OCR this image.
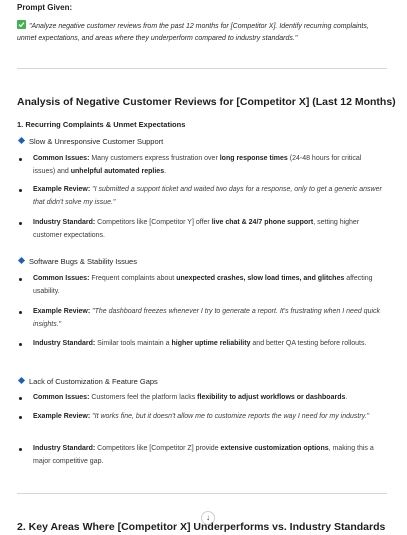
Prompt Given:
"Analyze negative customer reviews from the past 12 months for [Competitor X]. Identify recurring complaints, unmet expectations, and areas where they underperform compared to industry standards."
Analysis of Negative Customer Reviews for [Competitor X] (Last 12 Months)
1. Recurring Complaints & Unmet Expectations
Slow & Unresponsive Customer Support
Common Issues: Many customers express frustration over long response times (24-48 hours for critical issues) and unhelpful automated replies.
Example Review: "I submitted a support ticket and waited two days for a response, only to get a generic answer that didn't solve my issue."
Industry Standard: Competitors like [Competitor Y] offer live chat & 24/7 phone support, setting higher customer expectations.
Software Bugs & Stability Issues
Common Issues: Frequent complaints about unexpected crashes, slow load times, and glitches affecting usability.
Example Review: "The dashboard freezes whenever I try to generate a report. It's frustrating when I need quick insights."
Industry Standard: Similar tools maintain a higher uptime reliability and better QA testing before rollouts.
Lack of Customization & Feature Gaps
Common Issues: Customers feel the platform lacks flexibility to adjust workflows or dashboards.
Example Review: "It works fine, but it doesn't allow me to customize reports the way I need for my industry."
Industry Standard: Competitors like [Competitor Z] provide extensive customization options, making this a major competitive gap.
↓
2. Key Areas Where [Competitor X] Underperforms vs. Industry Standards
